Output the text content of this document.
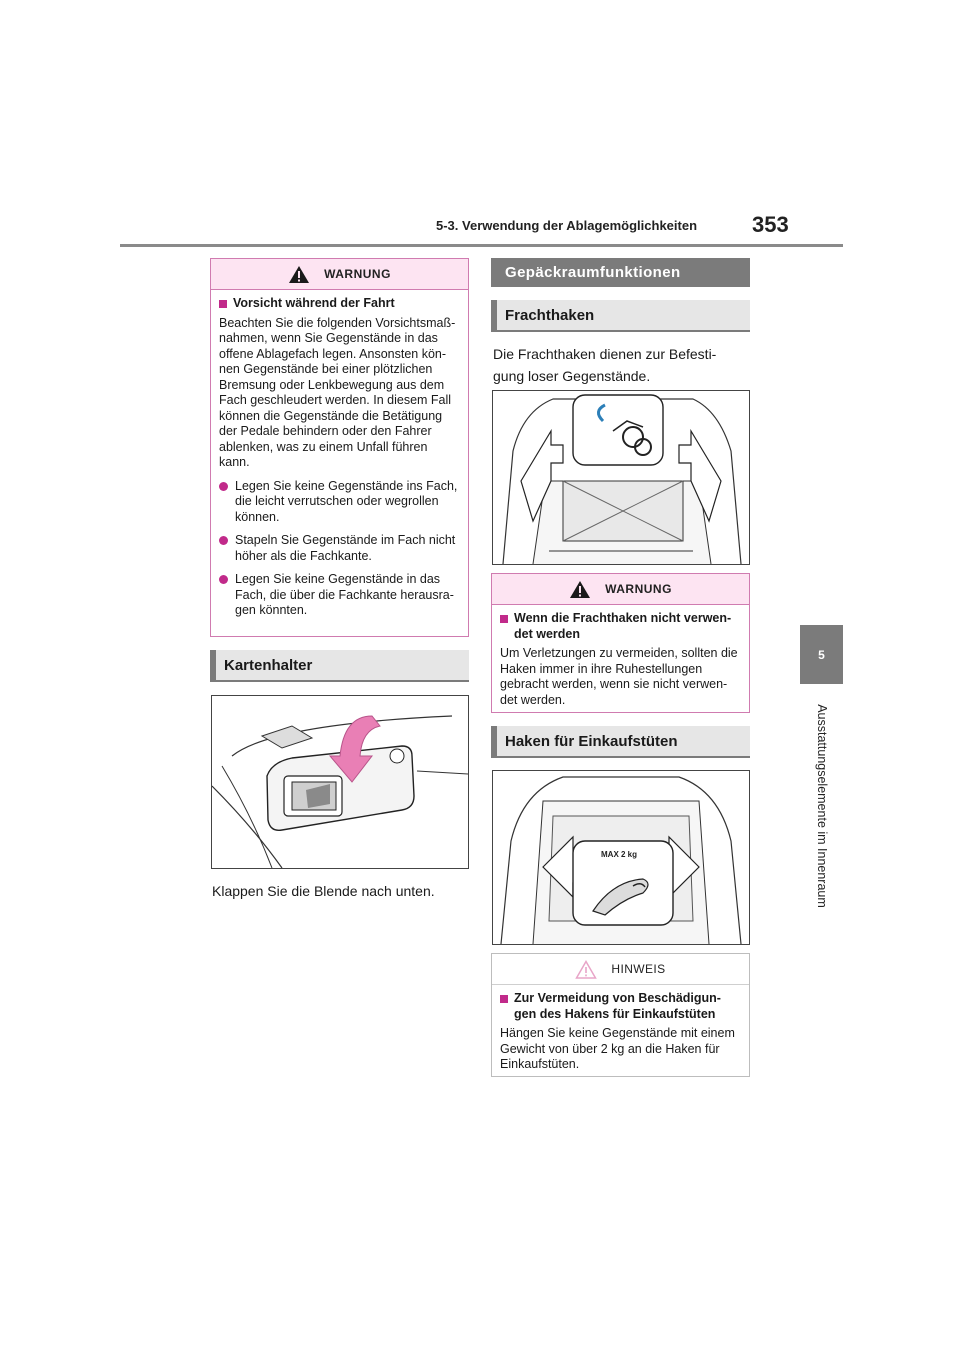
5-3. Verwendung der Ablagemöglichkeiten 353
5
Ausstattungselemente im Innenraum
WARNUNG
Vorsicht während der Fahrt
Beachten Sie die folgenden Vorsichtsmaß-nahmen, wenn Sie Gegenstände in das offene Ablagefach legen. Ansonsten kön-nen Gegenstände bei einer plötzlichen Bremsung oder Lenkbewegung aus dem Fach geschleudert werden. In diesem Fall können die Gegenstände die Betätigung der Pedale behindern oder den Fahrer ablenken, was zu einem Unfall führen kann.
Legen Sie keine Gegenstände ins Fach, die leicht verrutschen oder wegrollen können.
Stapeln Sie Gegenstände im Fach nicht höher als die Fachkante.
Legen Sie keine Gegenstände in das Fach, die über die Fachkante herausra-gen könnten.
Kartenhalter
Klappen Sie die Blende nach unten.
Gepäckraumfunktionen
Frachthaken
Die Frachthaken dienen zur Befesti-gung loser Gegenstände.
WARNUNG
Wenn die Frachthaken nicht verwen-det werden
Um Verletzungen zu vermeiden, sollten die Haken immer in ihre Ruhestellungen gebracht werden, wenn sie nicht verwen-det werden.
Haken für Einkaufstüten
MAX 2 kg
HINWEIS
Zur Vermeidung von Beschädigun-gen des Hakens für Einkaufstüten
Hängen Sie keine Gegenstände mit einem Gewicht von über 2 kg an die Haken für Einkaufstüten.
